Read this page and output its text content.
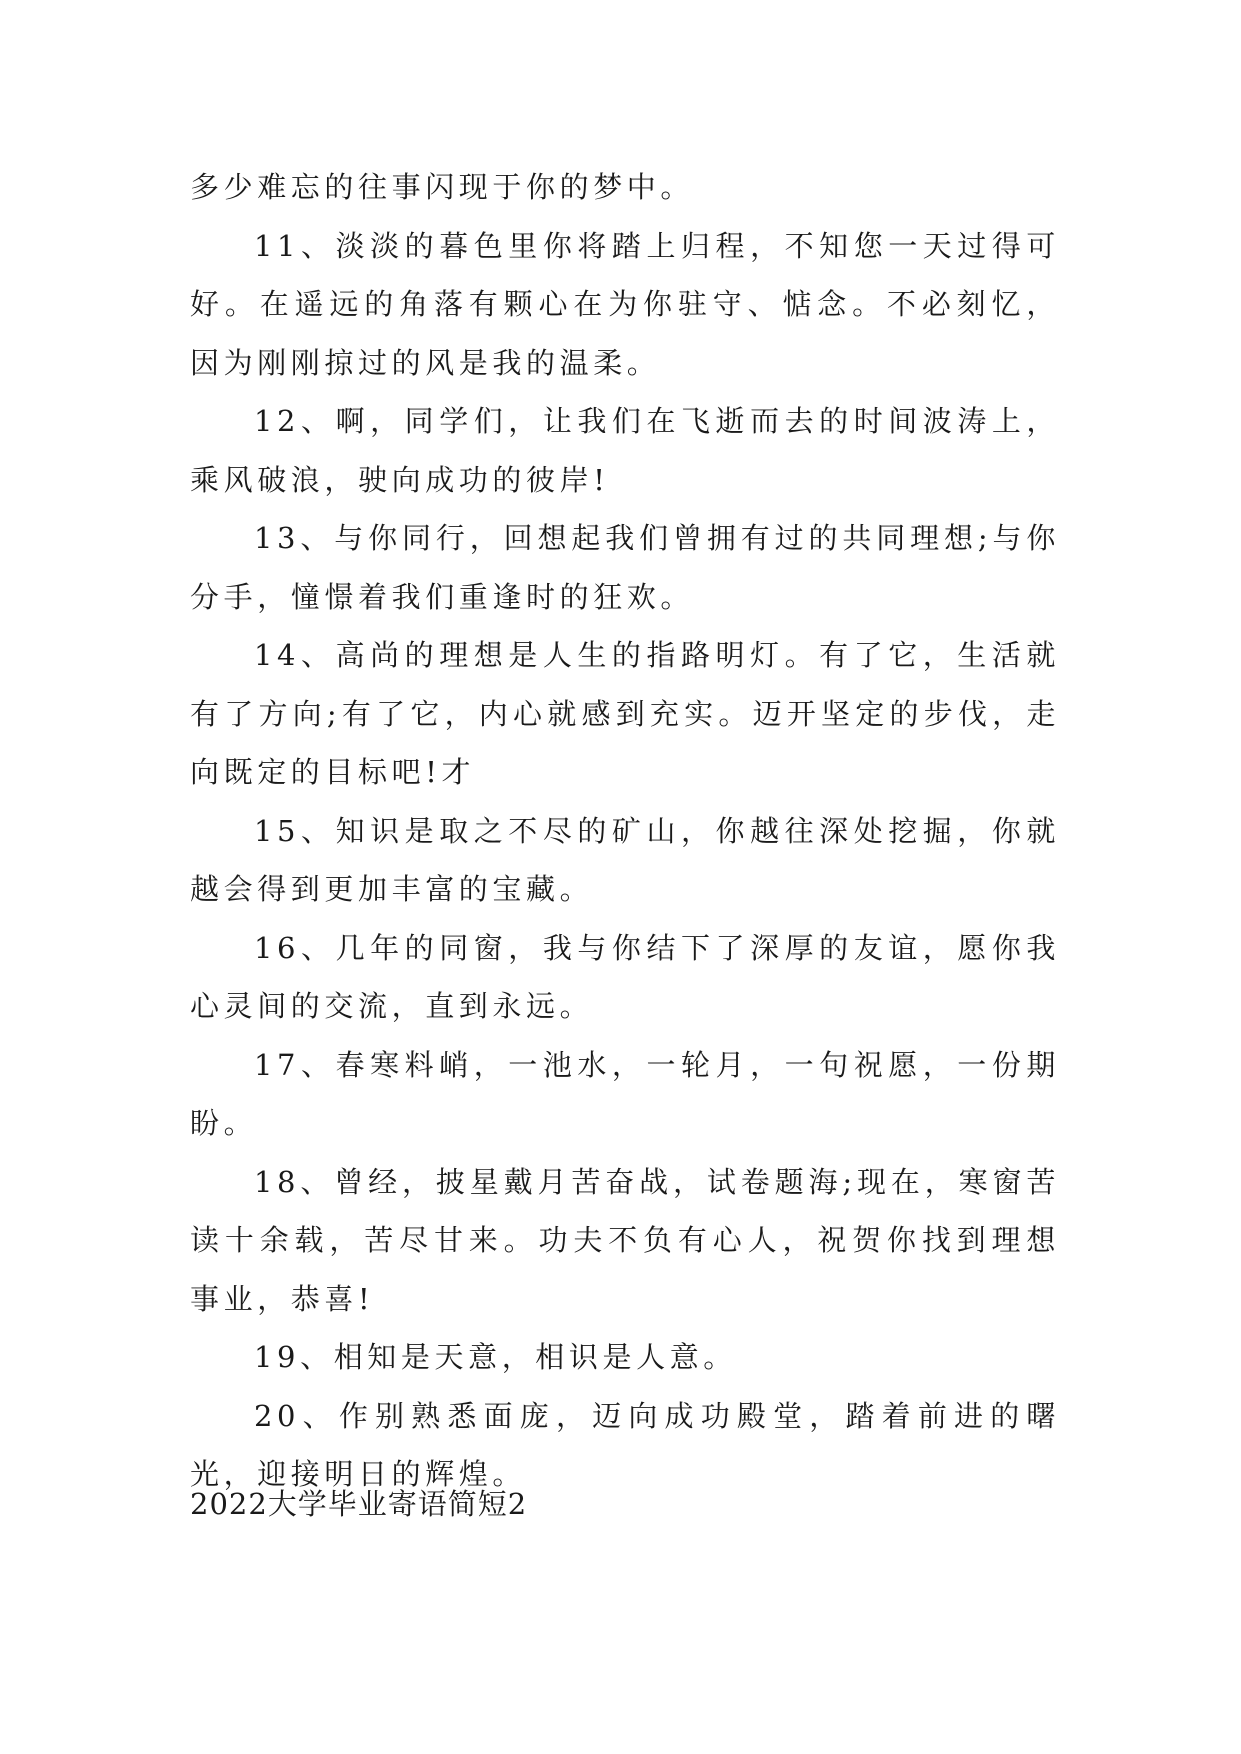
多少难忘的往事闪现于你的梦中。

11、淡淡的暮色里你将踏上归程，不知您一天过得可好。在遥远的角落有颗心在为你驻守、惦念。不必刻忆，因为刚刚掠过的风是我的温柔。

12、啊，同学们，让我们在飞逝而去的时间波涛上，乘风破浪，驶向成功的彼岸!

13、与你同行，回想起我们曾拥有过的共同理想;与你分手，憧憬着我们重逢时的狂欢。

14、高尚的理想是人生的指路明灯。有了它，生活就有了方向;有了它，内心就感到充实。迈开坚定的步伐，走向既定的目标吧!才

15、知识是取之不尽的矿山，你越往深处挖掘，你就越会得到更加丰富的宝藏。

16、几年的同窗，我与你结下了深厚的友谊，愿你我心灵间的交流，直到永远。

17、春寒料峭，一池水，一轮月，一句祝愿，一份期盼。

18、曾经，披星戴月苦奋战，试卷题海;现在，寒窗苦读十余载，苦尽甘来。功夫不负有心人，祝贺你找到理想事业，恭喜!

19、相知是天意，相识是人意。

20、作别熟悉面庞，迈向成功殿堂，踏着前进的曙光，迎接明日的辉煌。

2022大学毕业寄语简短2
